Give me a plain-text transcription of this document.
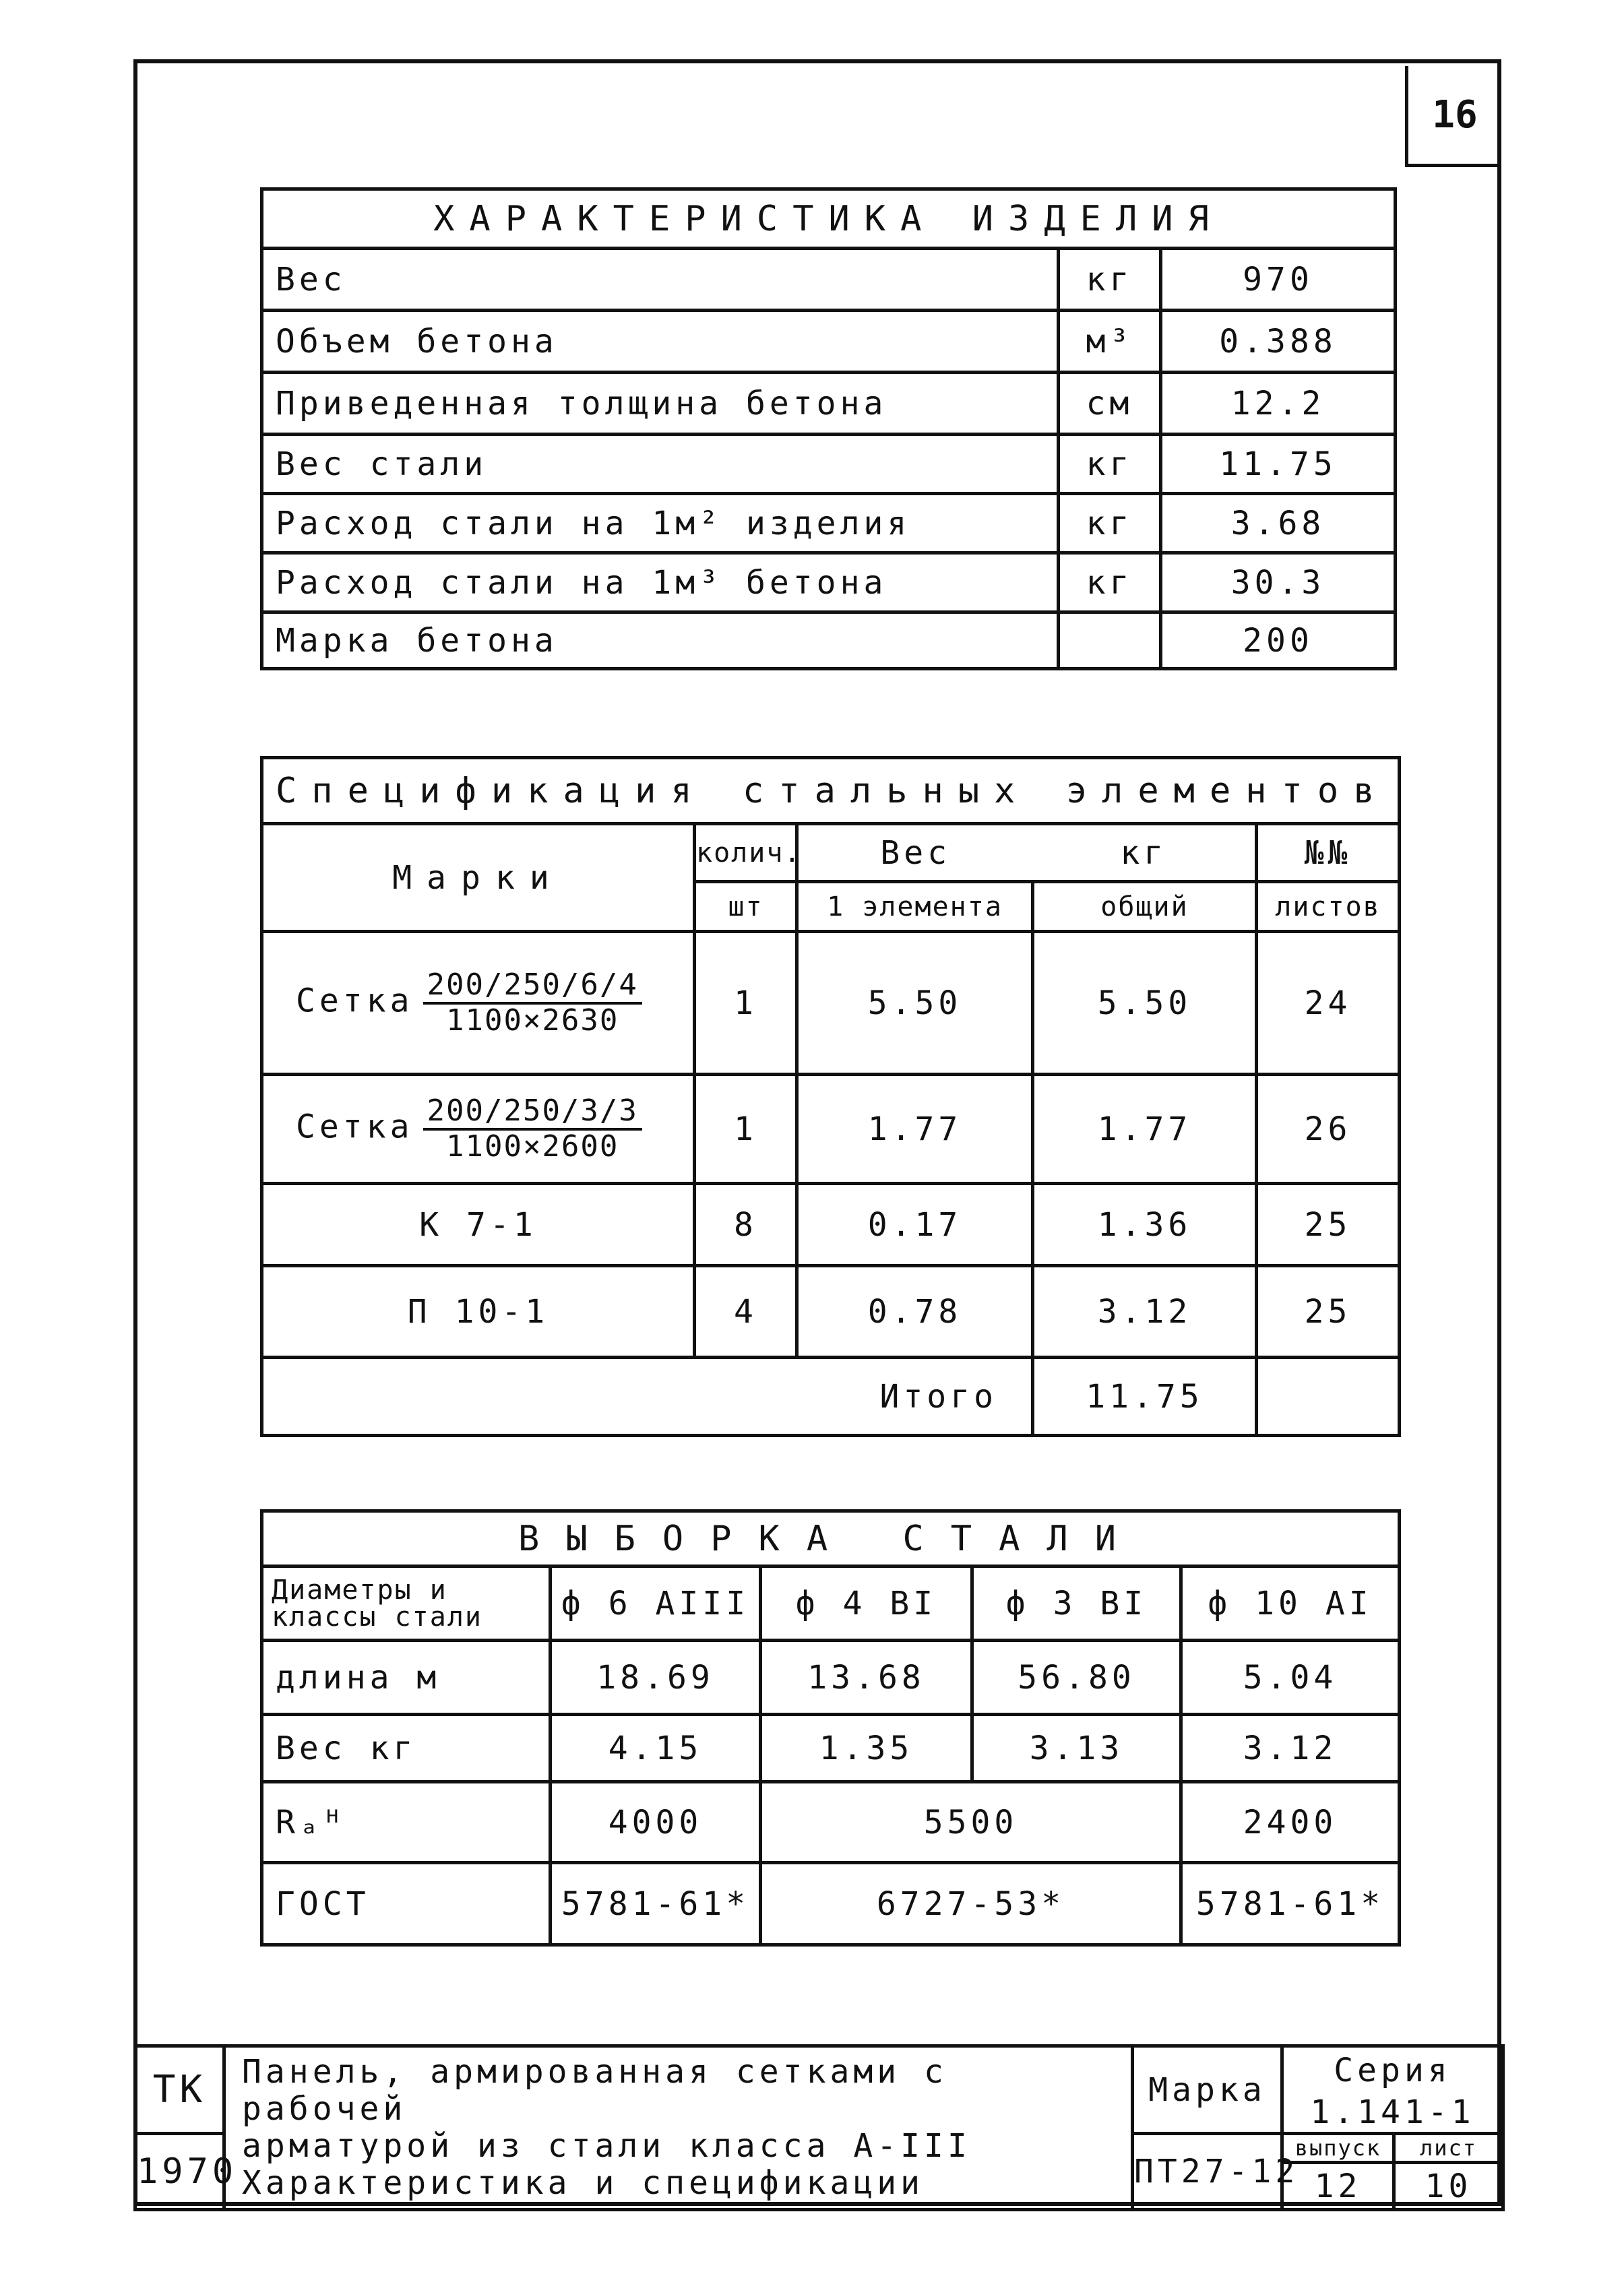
16
ХАРАКТЕРИСТИКА ИЗДЕЛИЯ		
Вес	кг	970
Объем бетона	м³	0.388
Приведенная толщина бетона	см	12.2
Вес стали	кг	11.75
Расход стали на 1м² изделия	кг	3.68
Расход стали на 1м³ бетона	кг	30.3
Марка бетона		200
Спецификация стальных элементов				
Марки	колич.	Вес	кг	№№
	шт	1 элемента	общий	листов
Сетка $\frac{200/250/6/4}{1100\times 2630}$	1	5.50	5.50	24
Сетка $\frac{200/250/3/3}{1100\times 2600}$	1	1.77	1.77	26
К 7-1	8	0.17	1.36	25
П 10-1	4	0.78	3.12	25
Итого			11.75	
ВЫБОРКА СТАЛИ				
Диаметры и классы стали	ф 6 АIII	ф 4 ВI	ф 3 ВI	ф 10 АI
длина м	18.69	13.68	56.80	5.04
Вес кг	4.15	1.35	3.13	3.12
Rₐᴴ	4000	5500		2400
ГОСТ	5781-61*	6727-53*		5781-61*
ТК	Панель, армированная сетками с рабочей
арматурой из стали класса А-III
Характеристика и спецификации	Марка	Серия	
			1.141-1	
1970		ПТ27-12	выпуск	лист
			12	10
